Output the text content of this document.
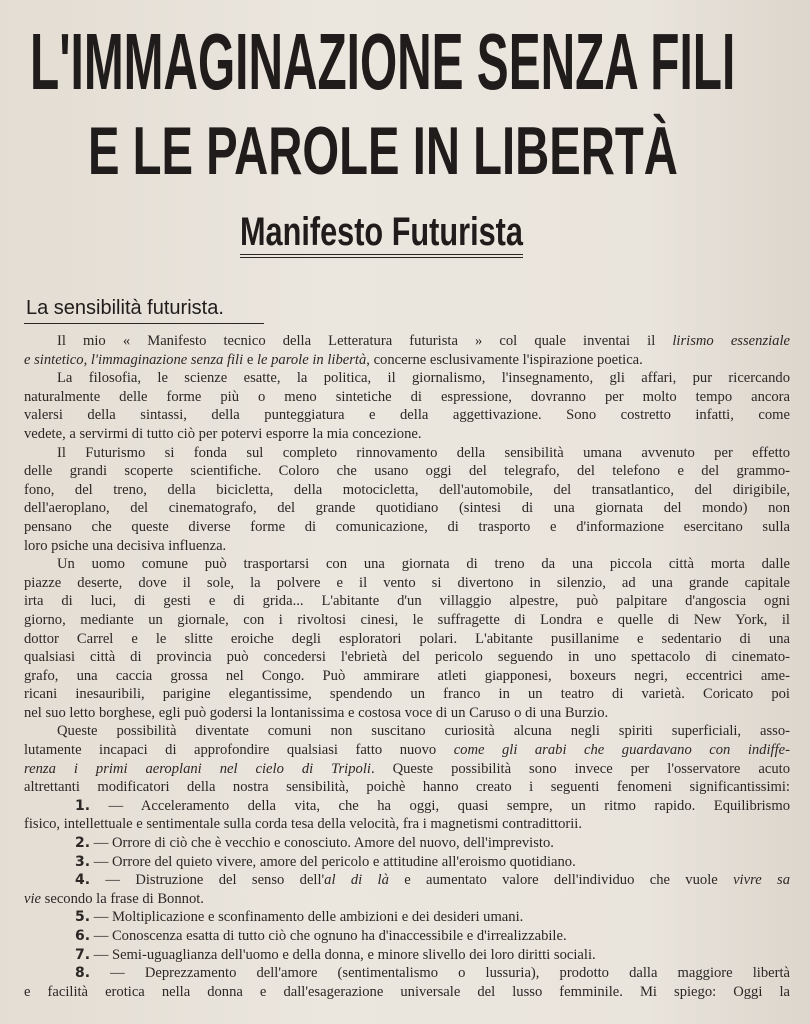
L'IMMAGINAZIONE SENZA FILI
E LE PAROLE IN LIBERTÀ
Manifesto Futurista
La sensibilità futurista.
Il mio « Manifesto tecnico della Letteratura futurista » col quale inventai il lirismo essenziale
e sintetico, l'immaginazione senza fili e le parole in libertà, concerne esclusivamente l'ispirazione poetica.
La filosofia, le scienze esatte, la politica, il giornalismo, l'insegnamento, gli affari, pur ricercando
naturalmente delle forme più o meno sintetiche di espressione, dovranno per molto tempo ancora
valersi della sintassi, della punteggiatura e della aggettivazione. Sono costretto infatti, come
vedete, a servirmi di tutto ciò per potervi esporre la mia concezione.
Il Futurismo si fonda sul completo rinnovamento della sensibilità umana avvenuto per effetto
delle grandi scoperte scientifiche. Coloro che usano oggi del telegrafo, del telefono e del grammo-
fono, del treno, della bicicletta, della motocicletta, dell'automobile, del transatlantico, del dirigibile,
dell'aeroplano, del cinematografo, del grande quotidiano (sintesi di una giornata del mondo) non
pensano che queste diverse forme di comunicazione, di trasporto e d'informazione esercitano sulla
loro psiche una decisiva influenza.
Un uomo comune può trasportarsi con una giornata di treno da una piccola città morta dalle
piazze deserte, dove il sole, la polvere e il vento si divertono in silenzio, ad una grande capitale
irta di luci, di gesti e di grida... L'abitante d'un villaggio alpestre, può palpitare d'angoscia ogni
giorno, mediante un giornale, con i rivoltosi cinesi, le suffragette di Londra e quelle di New York, il
dottor Carrel e le slitte eroiche degli esploratori polari. L'abitante pusillanime e sedentario di una
qualsiasi città di provincia può concedersi l'ebrietà del pericolo seguendo in uno spettacolo di cinemato-
grafo, una caccia grossa nel Congo. Può ammirare atleti giapponesi, boxeurs negri, eccentrici ame-
ricani inesauribili, parigine elegantissime, spendendo un franco in un teatro di varietà. Coricato poi
nel suo letto borghese, egli può godersi la lontanissima e costosa voce di un Caruso o di una Burzio.
Queste possibilità diventate comuni non suscitano curiosità alcuna negli spiriti superficiali, asso-
lutamente incapaci di approfondire qualsiasi fatto nuovo come gli arabi che guardavano con indiffe-
renza i primi aeroplani nel cielo di Tripoli. Queste possibilità sono invece per l'osservatore acuto
altrettanti modificatori della nostra sensibilità, poichè hanno creato i seguenti fenomeni significantissimi:
1. — Acceleramento della vita, che ha oggi, quasi sempre, un ritmo rapido. Equilibrismo
fisico, intellettuale e sentimentale sulla corda tesa della velocità, fra i magnetismi contradittorii.
2. — Orrore di ciò che è vecchio e conosciuto. Amore del nuovo, dell'imprevisto.
3. — Orrore del quieto vivere, amore del pericolo e attitudine all'eroismo quotidiano.
4. — Distruzione del senso dell'al di là e aumentato valore dell'individuo che vuole vivre sa
vie secondo la frase di Bonnot.
5. — Moltiplicazione e sconfinamento delle ambizioni e dei desideri umani.
6. — Conoscenza esatta di tutto ciò che ognuno ha d'inaccessibile e d'irrealizzabile.
7. — Semi-uguaglianza dell'uomo e della donna, e minore slivello dei loro diritti sociali.
8. — Deprezzamento dell'amore (sentimentalismo o lussuria), prodotto dalla maggiore libertà
e facilità erotica nella donna e dall'esagerazione universale del lusso femminile. Mi spiego: Oggi la
